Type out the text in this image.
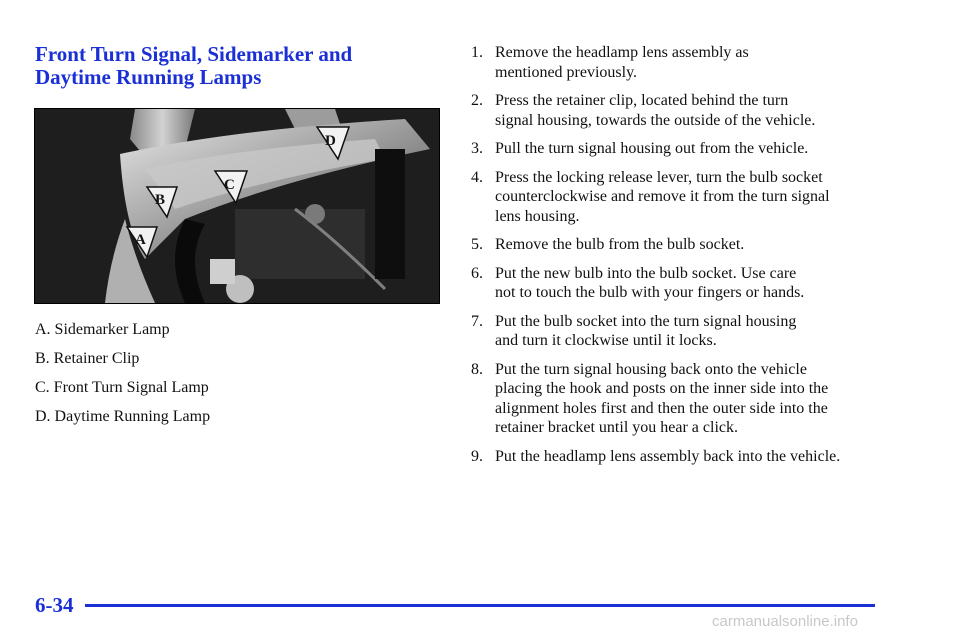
Front Turn Signal, Sidemarker and
Daytime Running Lamps
A
B
C
D
A. Sidemarker Lamp
B. Retainer Clip
C. Front Turn Signal Lamp
D. Daytime Running Lamp
1. Remove the headlamp lens assembly as
mentioned previously.
2. Press the retainer clip, located behind the turn
signal housing, towards the outside of the vehicle.
3. Pull the turn signal housing out from the vehicle.
4. Press the locking release lever, turn the bulb socket
counterclockwise and remove it from the turn signal
lens housing.
5. Remove the bulb from the bulb socket.
6. Put the new bulb into the bulb socket. Use care
not to touch the bulb with your fingers or hands.
7. Put the bulb socket into the turn signal housing
and turn it clockwise until it locks.
8. Put the turn signal housing back onto the vehicle
placing the hook and posts on the inner side into the
alignment holes first and then the outer side into the
retainer bracket until you hear a click.
9. Put the headlamp lens assembly back into the vehicle.

6-34

carmanualsonline.info
